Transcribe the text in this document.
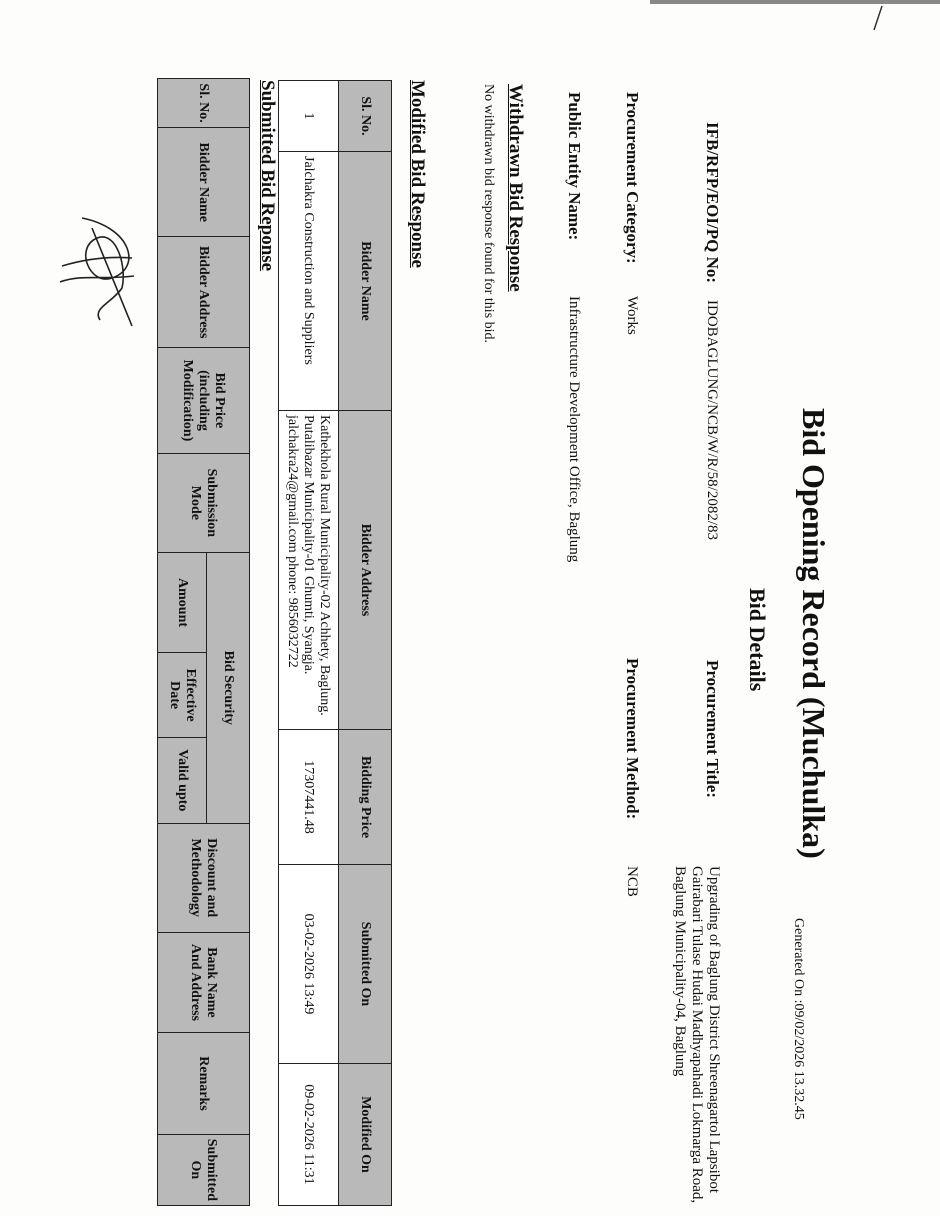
Bid Opening Record (Muchulka)
Generated On :09/02/2026 13.32.45
Bid Details
IFB/RFP/EOI/PQ No:
IDOBAGLUNG/NCB/W/R/58/2082/83
Procurement Title:
Upgrading of Baglung District Shreenagartol Lapsibot
Gairabari Tulase Hudai Madhyapahadi Lokmarga Road,
Baglung Municipality-04, Baglung
Procurement Category:
Works
Procurement Method:
NCB
Public Entity Name:
Infrastructure Development Office, Baglung
Withdrawn Bid Response
No withdrawn bid response found for this bid.
Modified Bid Response
Sl. No.	Bidder Name	Bidder Address	Bidding Price	Submitted On	Modified On
1	Jalchakra Construction and Suppliers	Kathekhola Rural Municipality-02 Achhety, Baglung.
Putalibazar Municipality-01 Ghumti, Syangja.
jalchakra24@gmail.com phone: 9856032722	17307441.48	03-02-2026 13:49	09-02-2026 11:31
Submitted Bid Reponse
Sl. No.	Bidder Name	Bidder Address	Bid Price (including Modification)	Submission Mode	Bid Security			Discount and Methodology	Bank Name And Address	Remarks	Submitted On
					Amount	Effective Date	Valid upto				
